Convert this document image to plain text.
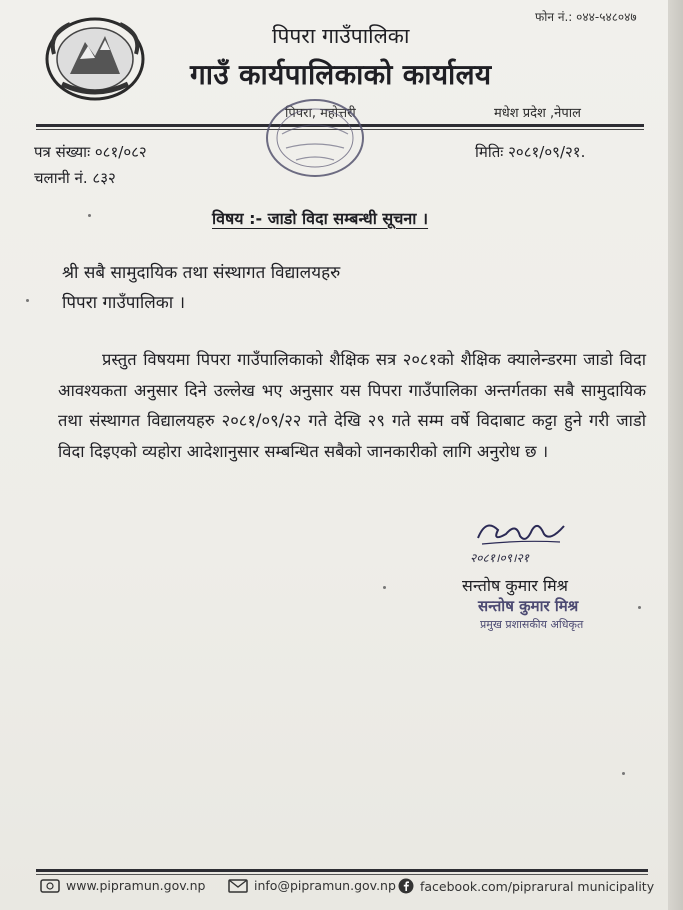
फोन नं.: ०४४-५४८०४७
पिपरा गाउँपालिका
गाउँ कार्यपालिकाको कार्यालय
पिपरा, महोत्तरी	मधेश प्रदेश ,नेपाल
पत्र संख्याः ०८१/०८२
चलानी नं. ८३२
मितिः २०८१/०९/२१.
विषय :- जाडो विदा सम्बन्धी सूचना ।
श्री सबै सामुदायिक तथा संस्थागत विद्यालयहरु
पिपरा गाउँपालिका ।
प्रस्तुत विषयमा पिपरा गाउँपालिकाको शैक्षिक सत्र २०८१को शैक्षिक क्यालेन्डरमा जाडो विदा आवश्यकता अनुसार दिने उल्लेख भए अनुसार यस पिपरा गाउँपालिका अन्तर्गतका सबै सामुदायिक तथा संस्थागत विद्यालयहरु २०८१/०९/२२ गते देखि २९ गते सम्म वर्षे विदाबाट कट्टा हुने गरी जाडो विदा दिइएको व्यहोरा आदेशानुसार सम्बन्धित सबैको जानकारीको लागि अनुरोध छ ।
२०८१।०९।२१
सन्तोष कुमार मिश्र
सन्तोष कुमार मिश्र
प्रमुख प्रशासकीय अधिकृत
www.pipramun.gov.np	info@pipramun.gov.np facebook.com/piprarural municipality
